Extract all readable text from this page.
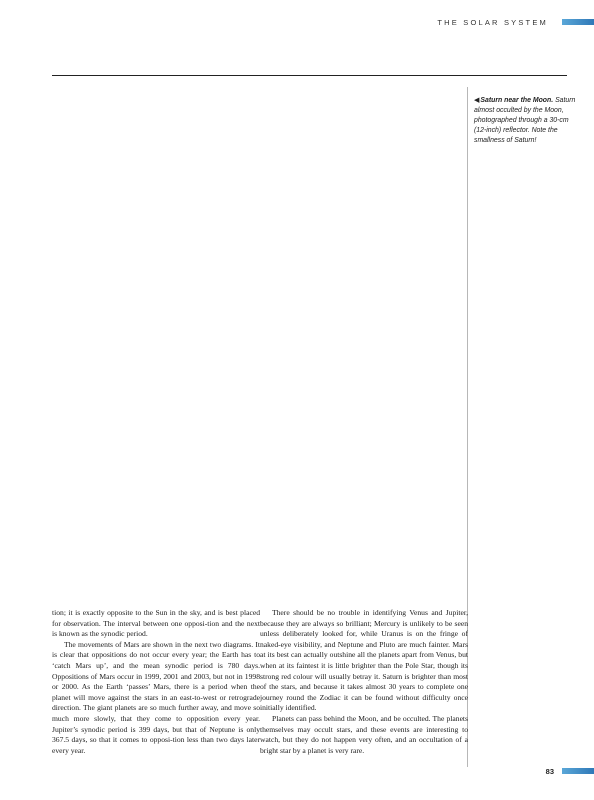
THE SOLAR SYSTEM
◀Saturn near the Moon. Saturn almost occulted by the Moon, photographed through a 30-cm (12-inch) reflector. Note the smallness of Saturn!

tion; it is exactly opposite to the Sun in the sky, and is best placed for observation. The interval between one opposi-tion and the next is known as the synodic period.

The movements of Mars are shown in the next two diagrams. It is clear that oppositions do not occur every year; the Earth has to ‘catch Mars up’, and the mean synodic period is 780 days. Oppositions of Mars occur in 1999, 2001 and 2003, but not in 1998 or 2000. As the Earth ‘passes’ Mars, there is a period when the planet will move against the stars in an east-to-west or retrograde direction. The giant planets are so much further away, and move so much more slowly, that they come to opposition every year. Jupiter’s synodic period is 399 days, but that of Neptune is only 367.5 days, so that it comes to opposi-tion less than two days later every year.

There should be no trouble in identifying Venus and Jupiter, because they are always so brilliant; Mercury is unlikely to be seen unless deliberately looked for, while Uranus is on the fringe of naked-eye visibility, and Neptune and Pluto are much fainter. Mars at its best can actually outshine all the planets apart from Venus, but when at its faintest it is little brighter than the Pole Star, though its strong red colour will usually betray it. Saturn is brighter than most of the stars, and because it takes almost 30 years to complete one journey round the Zodiac it can be found without difficulty once initially identified.

Planets can pass behind the Moon, and be occulted. The planets themselves may occult stars, and these events are interesting to watch, but they do not happen very often, and an occultation of a bright star by a planet is very rare.

83
